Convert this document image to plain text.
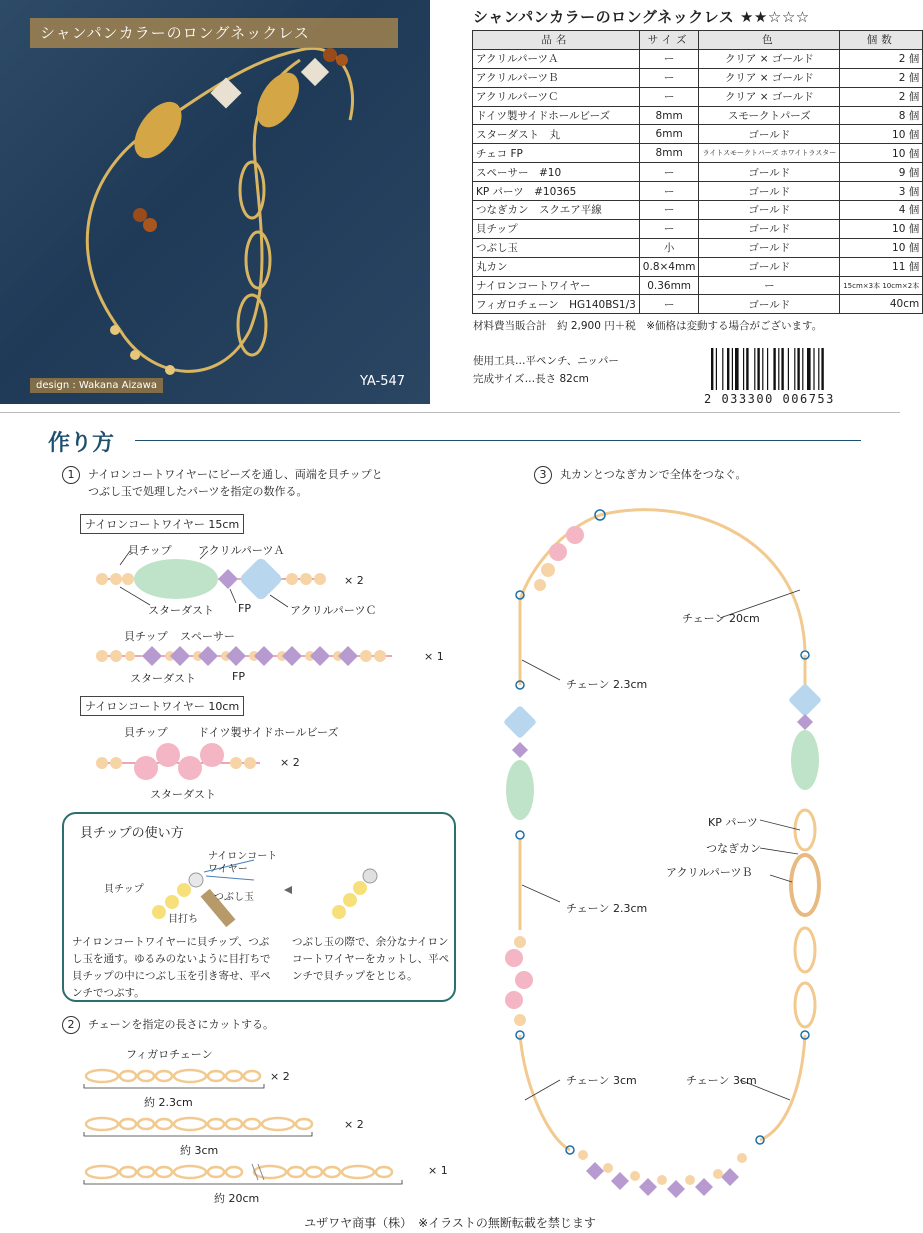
シャンパンカラーのロングネックレス
design : Wakana Aizawa	YA-547
シャンパンカラーのロングネックレス ★★☆☆☆
品名	サイズ	色	個数
アクリルパーツＡ	ー	クリア × ゴールド	2 個
アクリルパーツＢ	ー	クリア × ゴールド	2 個
アクリルパーツＣ	ー	クリア × ゴールド	2 個
ドイツ製サイドホールビーズ	8mm	スモークトパーズ	8 個
スターダスト　丸	6mm	ゴールド	10 個
チェコ FP	8mm	ライトスモークトパーズ ホワイトラスター	10 個
スペーサー　#10	ー	ゴールド	9 個
KP パーツ　#10365	ー	ゴールド	3 個
つなぎカン　スクエア平線	ー	ゴールド	4 個
貝チップ	ー	ゴールド	10 個
つぶし玉	小	ゴールド	10 個
丸カン	0.8×4mm	ゴールド	11 個
ナイロンコートワイヤー	0.36mm	ー	15cm×3本 10cm×2本
フィガロチェーン　HG140BS1/3	ー	ゴールド	40cm
材料費当販合計　約 2,900 円＋税　※価格は変動する場合がございます。
使用工具…平ペンチ、ニッパー
完成サイズ…長さ 82cm
2 033300 006753
作り方
1	ナイロンコートワイヤーにビーズを通し、両端を貝チップと
つぶし玉で処理したパーツを指定の数作る。
ナイロンコートワイヤー 15cm
貝チップ アクリルパーツＡ
スターダスト FP	アクリルパーツＣ
× 2
貝チップ スペーサー
スターダスト	FP
× 1
ナイロンコートワイヤー 10cm
貝チップ	ドイツ製サイドホールビーズ
スターダスト
× 2
貝チップの使い方
貝チップ
ナイロンコート
ワイヤー
つぶし玉
目打ち
ナイロンコートワイヤーに貝チップ、つぶし玉を通す。ゆるみのないように目打ちで貝チップの中につぶし玉を引き寄せ、平ペンチでつぶす。
つぶし玉の際で、余分なナイロンコートワイヤーをカットし、平ペンチで貝チップをとじる。
2	チェーンを指定の長さにカットする。
フィガロチェーン
× 2
約 2.3cm
× 2
約 3cm
× 1
約 20cm
3	丸カンとつなぎカンで全体をつなぐ。
チェーン 20cm
チェーン 2.3cm
チェーン 2.3cm
チェーン 3cm	チェーン 3cm
KP パーツ
つなぎカン
アクリルパーツＢ
ユザワヤ商事（株）　※イラストの無断転載を禁じます
